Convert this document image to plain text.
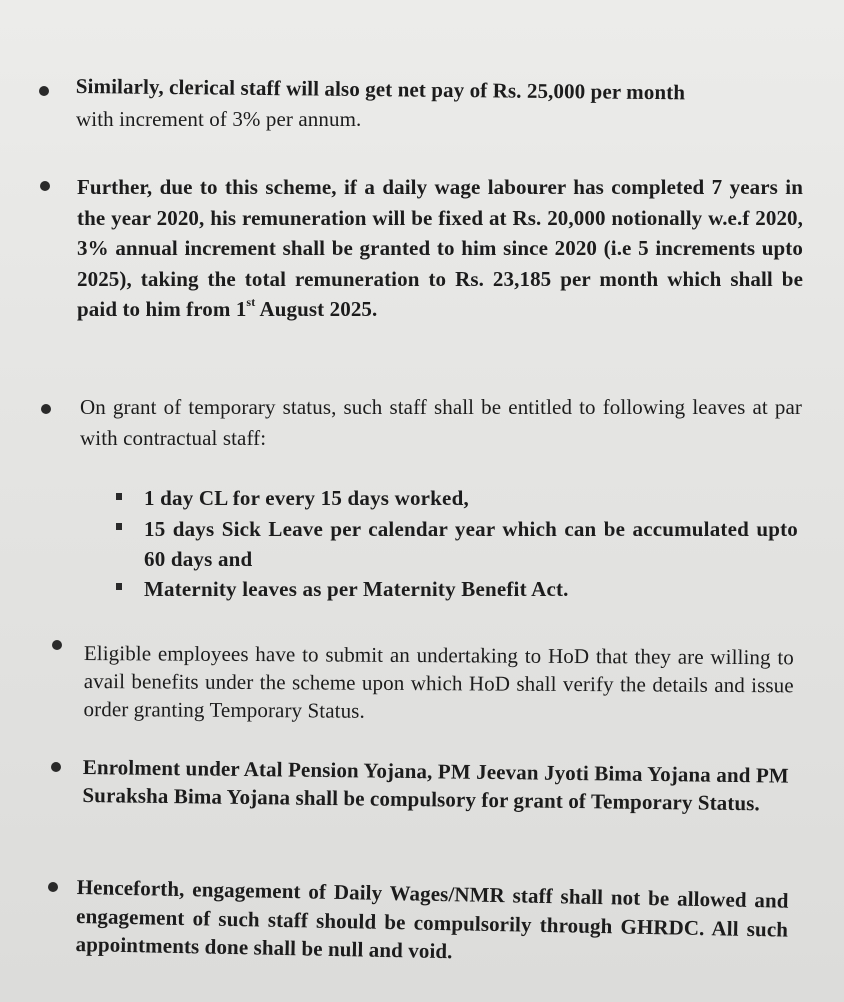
Similarly, clerical staff will also get net pay of Rs. 25,000 per month
with increment of 3% per annum.
Further, due to this scheme, if a daily wage labourer has completed 7 years in the year 2020, his remuneration will be fixed at Rs. 20,000 notionally w.e.f 2020, 3% annual increment shall be granted to him since 2020 (i.e 5 increments upto 2025), taking the total remuneration to Rs. 23,185 per month which shall be paid to him from 1st August 2025.
On grant of temporary status, such staff shall be entitled to following leaves at par with contractual staff:
1 day CL for every 15 days worked,
15 days Sick Leave per calendar year which can be accumulated upto 60 days and
Maternity leaves as per Maternity Benefit Act.
Eligible employees have to submit an undertaking to HoD that they are willing to avail benefits under the scheme upon which HoD shall verify the details and issue order granting Temporary Status.
Enrolment under Atal Pension Yojana, PM Jeevan Jyoti Bima Yojana and PM Suraksha Bima Yojana shall be compulsory for grant of Temporary Status.
Henceforth, engagement of Daily Wages/NMR staff shall not be allowed and engagement of such staff should be compulsorily through GHRDC. All such appointments done shall be null and void.
